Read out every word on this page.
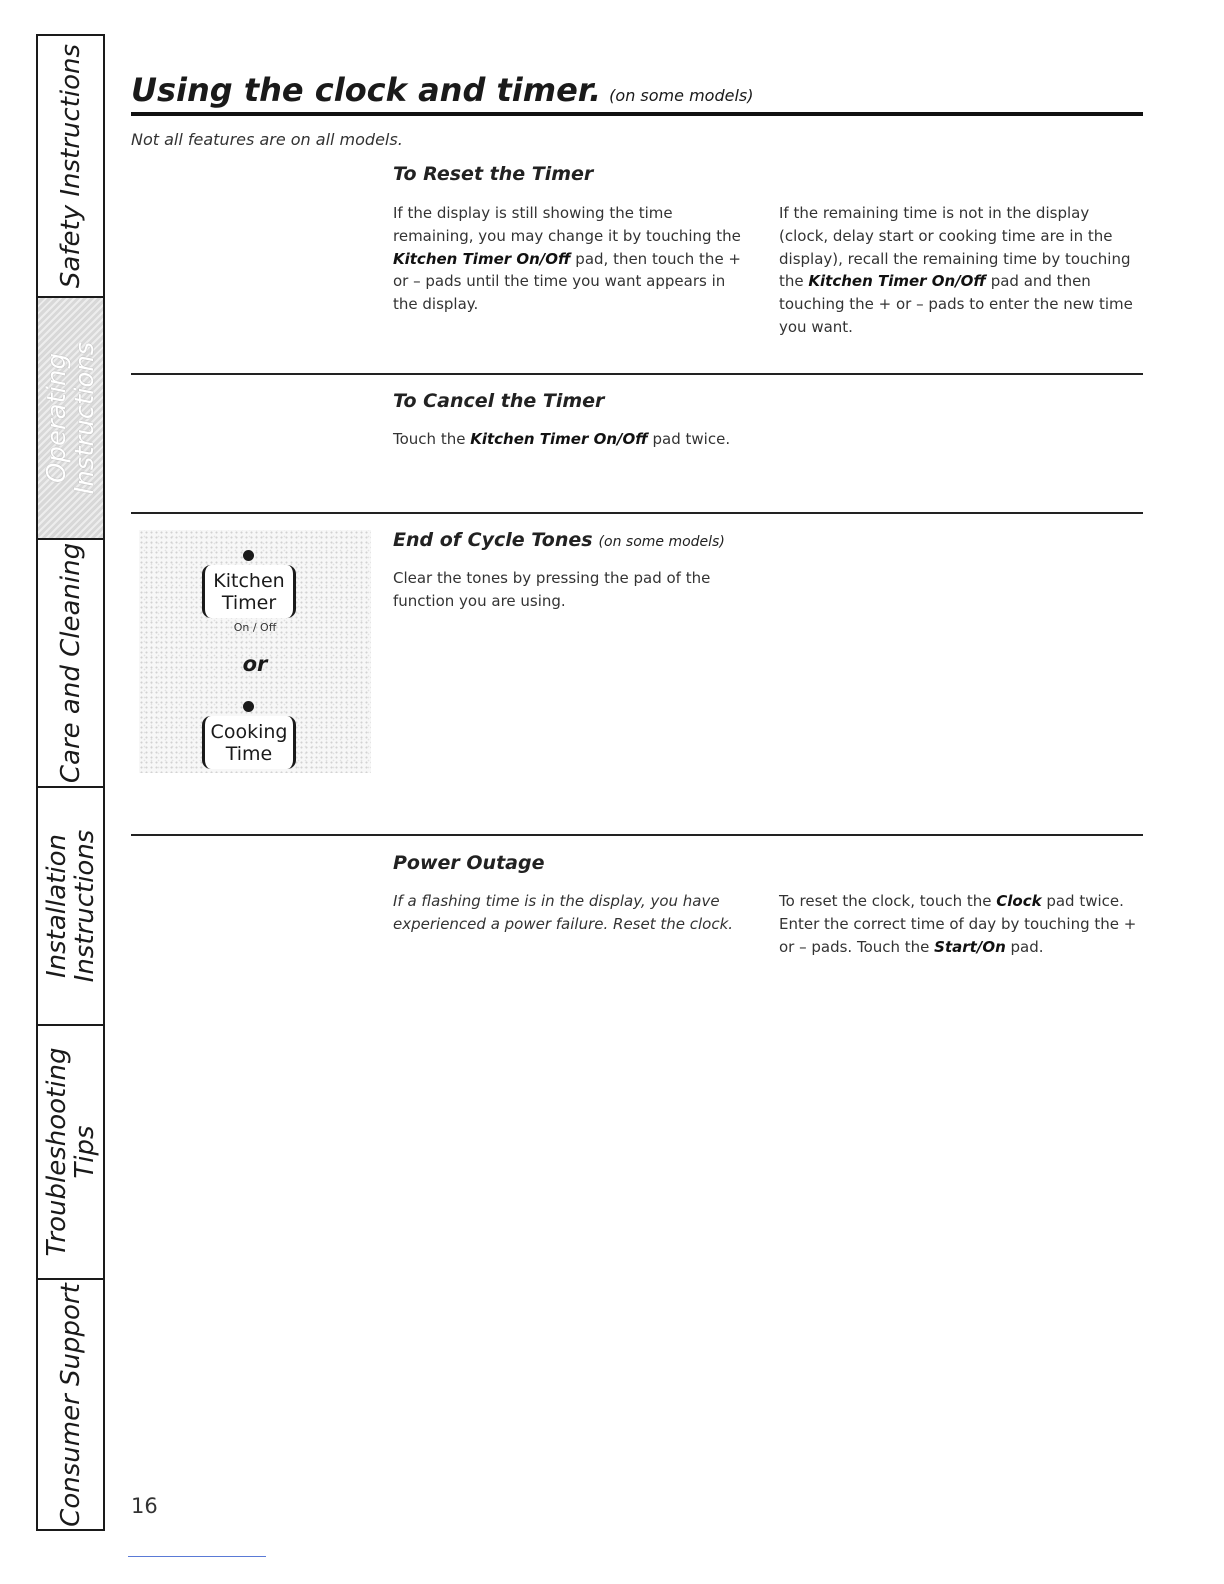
Safety Instructions
Operating
Instructions
Care and Cleaning
Installation
Instructions
Troubleshooting
Tips
Consumer Support
Using the clock and timer. (on some models)
Not all features are on all models.
To Reset the Timer
If the display is still showing the time remaining, you may change it by touching the Kitchen Timer On/Off pad, then touch the + or – pads until the time you want appears in the display.
If the remaining time is not in the display (clock, delay start or cooking time are in the display), recall the remaining time by touching the Kitchen Timer On/Off pad and then touching the + or – pads to enter the new time you want.
To Cancel the Timer
Touch the Kitchen Timer On/Off pad twice.
End of Cycle Tones (on some models)
Clear the tones by pressing the pad of the function you are using.
Kitchen
Timer
On / Off
or
Cooking
Time
Power Outage
If a flashing time is in the display, you have experienced a power failure. Reset the clock.
To reset the clock, touch the Clock pad twice. Enter the correct time of day by touching the + or – pads. Touch the Start/On pad.
16
